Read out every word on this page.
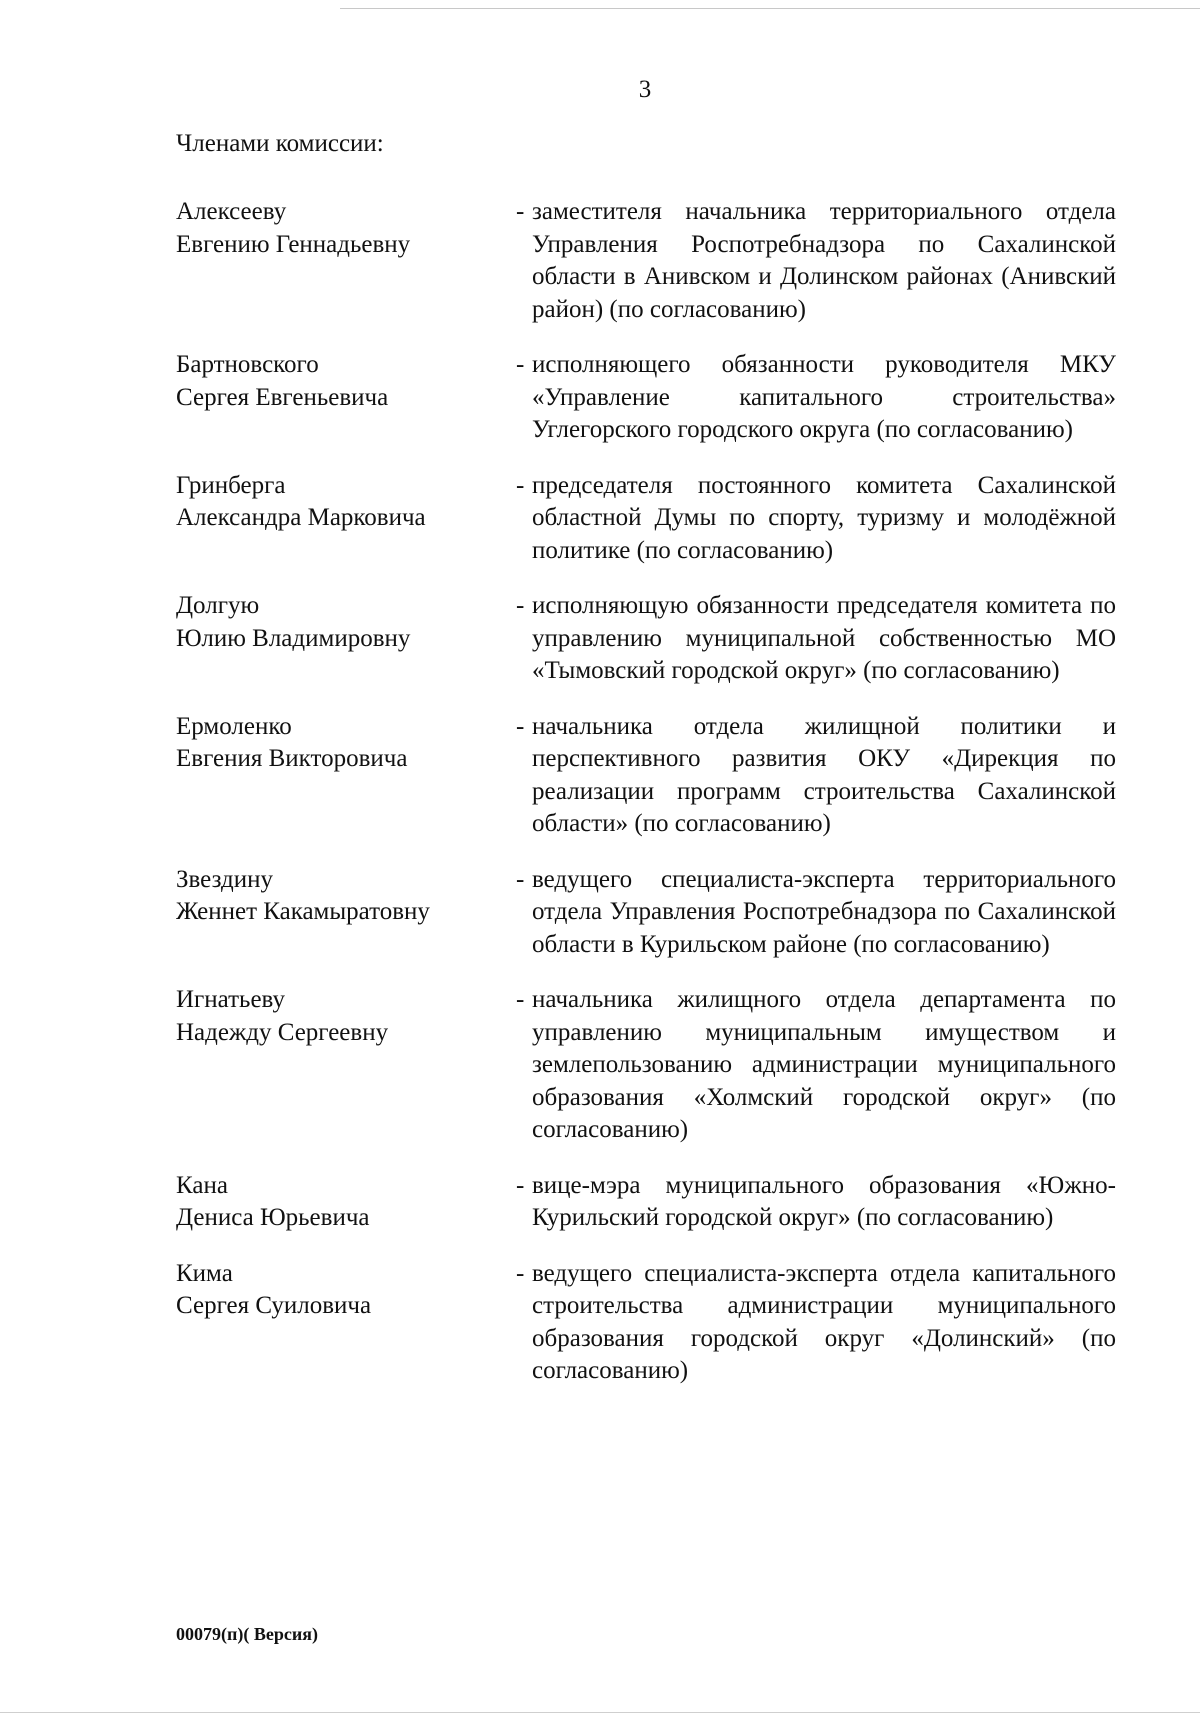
3
Членами комиссии:
Алексееву
Евгению Геннадьевну
- заместителя начальника территориального отдела Управления Роспотребнадзора по Сахалинской области в Анивском и Долинском районах (Анивский район) (по согласованию)
Бартновского
Сергея Евгеньевича
- исполняющего обязанности руководителя МКУ «Управление капитального строительства» Углегорского городского округа (по согласованию)
Гринберга
Александра Марковича
- председателя постоянного комитета Сахалинской областной Думы по спорту, туризму и молодёжной политике (по согласованию)
Долгую
Юлию Владимировну
- исполняющую обязанности председателя комитета по управлению муниципальной собственностью МО «Тымовский городской округ» (по согласованию)
Ермоленко
Евгения Викторовича
- начальника отдела жилищной политики и перспективного развития ОКУ «Дирекция по реализации программ строительства Сахалинской области» (по согласованию)
Звездину
Женнет Какамыратовну
- ведущего специалиста-эксперта территориального отдела Управления Роспотребнадзора по Сахалинской области в Курильском районе (по согласованию)
Игнатьеву
Надежду Сергеевну
- начальника жилищного отдела департамента по управлению муниципальным имуществом и землепользованию администрации муниципального образования «Холмский городской округ» (по согласованию)
Кана
Дениса Юрьевича
- вице-мэра муниципального образования «Южно-Курильский городской округ» (по согласованию)
Кима
Сергея Суиловича
- ведущего специалиста-эксперта отдела капитального строительства администрации муниципального образования городской округ «Долинский» (по согласованию)
00079(п)( Версия)
